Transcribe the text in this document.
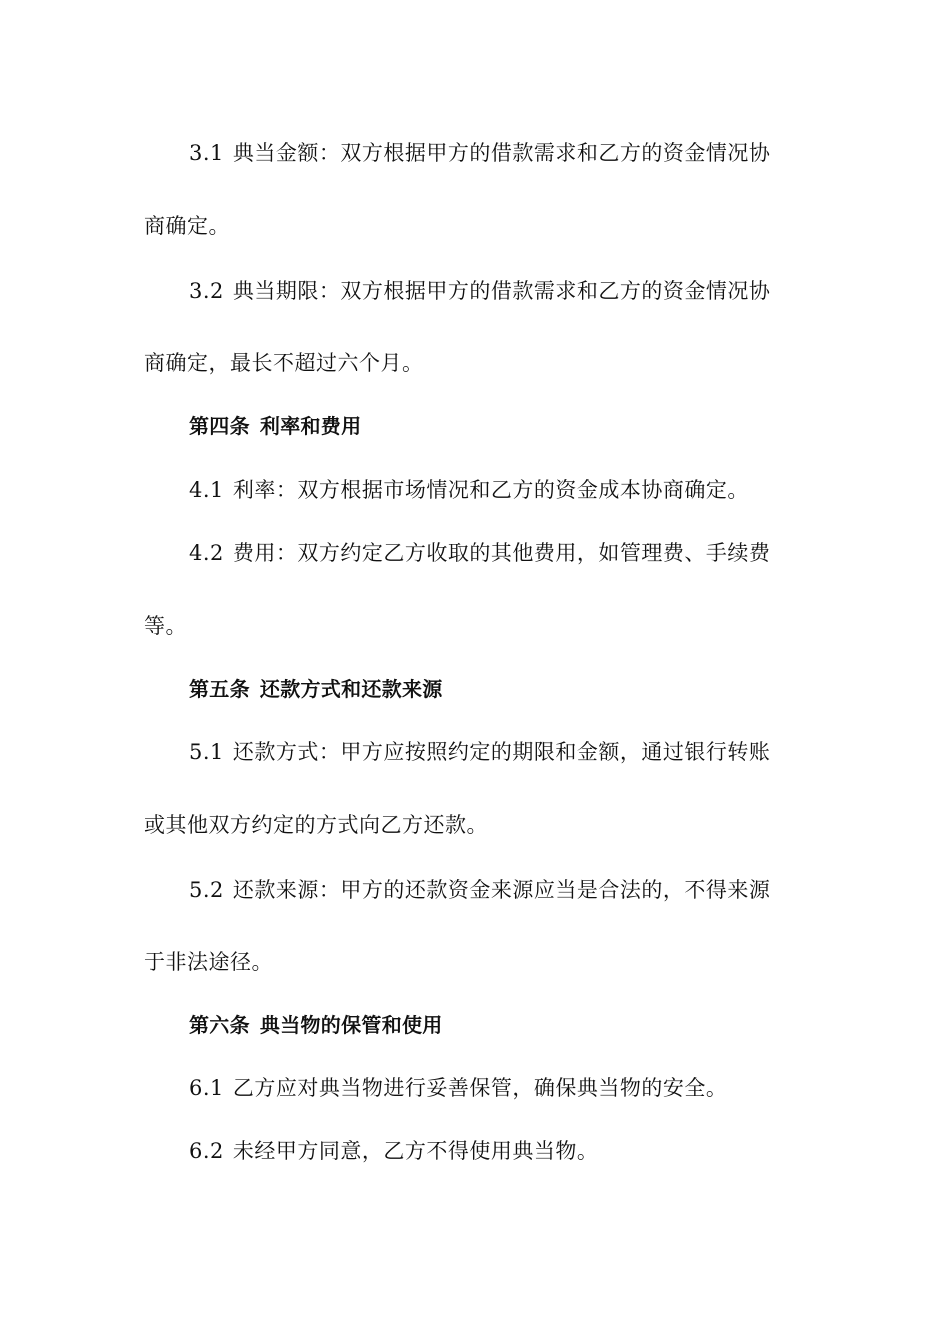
3.1 典当金额：双方根据甲方的借款需求和乙方的资金情况协
商确定。
3.2 典当期限：双方根据甲方的借款需求和乙方的资金情况协
商确定，最长不超过六个月。
第四条 利率和费用
4.1 利率：双方根据市场情况和乙方的资金成本协商确定。
4.2 费用：双方约定乙方收取的其他费用，如管理费、手续费
等。
第五条 还款方式和还款来源
5.1 还款方式：甲方应按照约定的期限和金额，通过银行转账
或其他双方约定的方式向乙方还款。
5.2 还款来源：甲方的还款资金来源应当是合法的，不得来源
于非法途径。
第六条 典当物的保管和使用
6.1 乙方应对典当物进行妥善保管，确保典当物的安全。
6.2 未经甲方同意，乙方不得使用典当物。
